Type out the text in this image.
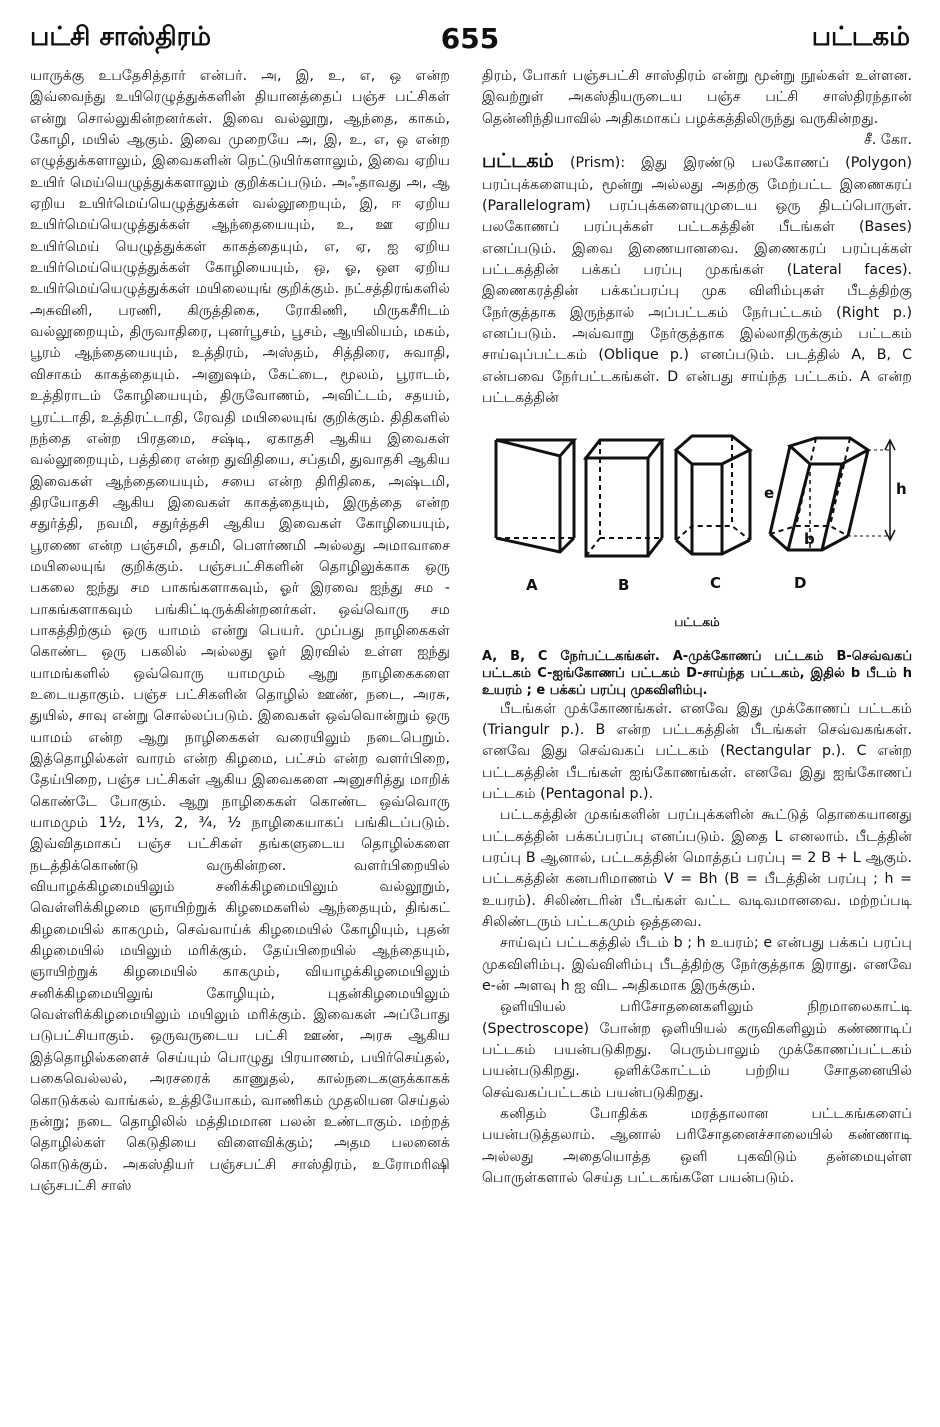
பட்சி சாஸ்திரம்	655	பட்டகம்

யாருக்கு உபதேசித்தார் என்பர். அ, இ, உ, எ, ஒ என்ற இவ்வைந்து உயிரெழுத்துக்களின் தியானத்தைப் பஞ்ச பட்சிகள் என்று சொல்லுகின்றனர்கள். இவை வல்லூறு, ஆந்தை, காகம், கோழி, மயில் ஆகும். இவை முறையே அ, இ, உ, எ, ஒ என்ற எழுத்துக்களாலும், இவைகளின் நெட்டுயிர்களாலும், இவை ஏறிய உயிர் மெய்யெழுத்துக்களாலும் குறிக்கப்படும். அஃதாவது அ, ஆ ஏறிய உயிர்மெய்யெழுத்துக்கள் வல்லூறையும், இ, ஈ ஏறிய உயிர்மெய்யெழுத்துக்கள் ஆந்தையையும், உ, ஊ ஏறிய உயிர்மெய் யெழுத்துக்கள் காகத்தையும், எ, ஏ, ஐ ஏறிய உயிர்மெய்யெழுத்துக்கள் கோழியையும், ஒ, ஓ, ஔ ஏறிய உயிர்மெய்யெழுத்துக்கள் மயிலையுங் குறிக்கும். நட்சத்திரங்களில் அசுவினி, பரணி, கிருத்திகை, ரோகிணி, மிருகசீரிடம் வல்லூறையும், திருவாதிரை, புனர்பூசம், பூசம், ஆயிலியம், மகம், பூரம் ஆந்தையையும், உத்திரம், அஸ்தம், சித்திரை, சுவாதி, விசாகம் காகத்தையும். அனுஷம், கேட்டை, மூலம், பூராடம், உத்திராடம் கோழியையும், திருவோணம், அவிட்டம், சதயம், பூரட்டாதி, உத்திரட்டாதி, ரேவதி மயிலையுங் குறிக்கும். திதிகளில் நந்தை என்ற பிரதமை, சஷ்டி, ஏகாதசி ஆகிய இவைகள் வல்லூறையும், பத்திரை என்ற துவிதியை, சப்தமி, துவாதசி ஆகிய இவைகள் ஆந்தையையும், சயை என்ற திரிதிகை, அஷ்டமி, திரயோதசி ஆகிய இவைகள் காகத்தையும், இருத்தை என்ற சதுர்த்தி, நவமி, சதுர்த்தசி ஆகிய இவைகள் கோழியையும், பூரணை என்ற பஞ்சமி, தசமி, பௌர்ணமி அல்லது அமாவாசை மயிலையுங் குறிக்கும். பஞ்சபட்சிகளின் தொழிலுக்காக ஒரு பகலை ஐந்து சம பாகங்களாகவும், ஓர் இரவை ஐந்து சம - பாகங்களாகவும் பங்கிட்டிருக்கின்றனர்கள். ஒவ்வொரு சம பாகத்திற்கும் ஒரு யாமம் என்று பெயர். முப்பது நாழிகைகள் கொண்ட ஒரு பகலில் அல்லது ஓர் இரவில் உள்ள ஐந்து யாமங்களில் ஒவ்வொரு யாமமும் ஆறு நாழிகைகளை உடையதாகும். பஞ்ச பட்சிகளின் தொழில் ஊண், நடை, அரசு, துயில், சாவு என்று சொல்லப்படும். இவைகள் ஒவ்வொன்றும் ஒரு யாமம் என்ற ஆறு நாழிகைகள் வரையிலும் நடைபெறும். இத்தொழில்கள் வாரம் என்ற கிழமை, பட்சம் என்ற வளர்பிறை, தேய்பிறை, பஞ்ச பட்சிகள் ஆகிய இவைகளை அனுசரித்து மாறிக் கொண்டே போகும். ஆறு நாழிகைகள் கொண்ட ஒவ்வொரு யாமமும் 1½, 1⅓, 2, ¾, ½ நாழிகையாகப் பங்கிடப்படும். இவ்விதமாகப் பஞ்ச பட்சிகள் தங்களுடைய தொழில்களை நடத்திக்கொண்டு வருகின்றன. வளர்பிறையில் வியாழக்கிழமையிலும் சனிக்கிழமையிலும் வல்லூறும், வெள்ளிக்கிழமை ஞாயிற்றுக் கிழமைகளில் ஆந்தையும், திங்கட் கிழமையில் காகமும், செவ்வாய்க் கிழமையில் கோழியும், புதன் கிழமையில் மயிலும் மரிக்கும். தேய்பிறையில் ஆந்தையும், ஞாயிற்றுக் கிழமையில் காகமும், வியாழக்கிழமையிலும் சனிக்கிழமையிலுங் கோழியும், புதன்கிழமையிலும் வெள்ளிக்கிழமையிலும் மயிலும் மரிக்கும். இவைகள் அப்போது படுபட்சியாகும். ஒருவருடைய பட்சி ஊண், அரசு ஆகிய இத்தொழில்களைச் செய்யும் பொழுது பிரயாணம், பயிர்செய்தல், பகைவெல்லல், அரசரைக் காணுதல், கால்நடைகளுக்காகக் கொடுக்கல் வாங்கல், உத்தியோகம், வாணிகம் முதலியன செய்தல் நன்று; நடை தொழிலில் மத்திமமான பலன் உண்டாகும். மற்றத் தொழில்கள் கெடுதியை விளைவிக்கும்; அதம பலனைக் கொடுக்கும். அகஸ்தியர் பஞ்சபட்சி சாஸ்திரம், உரோமரிஷி பஞ்சபட்சி சாஸ்

திரம், போகர் பஞ்சபட்சி சாஸ்திரம் என்று மூன்று நூல்கள் உள்ளன. இவற்றுள் அகஸ்தியருடைய பஞ்ச பட்சி சாஸ்திரந்தான் தென்னிந்தியாவில் அதிகமாகப் பழக்கத்திலிருந்து வருகின்றது.

சீ. கோ.

பட்டகம் (Prism): இது இரண்டு பலகோணப் (Polygon) பரப்புக்களையும், மூன்று அல்லது அதற்கு மேற்பட்ட இணைகரப் (Parallelogram) பரப்புக்களையுமுடைய ஒரு திடப்பொருள். பலகோணப் பரப்புக்கள் பட்டகத்தின் பீடங்கள் (Bases) எனப்படும். இவை இணையானவை. இணைகரப் பரப்புக்கள் பட்டகத்தின் பக்கப் பரப்பு முகங்கள் (Lateral faces). இணைகரத்தின் பக்கப்பரப்பு முக விளிம்புகள் பீடத்திற்கு நேர்குத்தாக இருந்தால் அப்பட்டகம் நேர்பட்டகம் (Right p.) எனப்படும். அவ்வாறு நேர்குத்தாக இல்லாதிருக்கும் பட்டகம் சாய்வுப்பட்டகம் (Oblique p.) எனப்படும். படத்தில் A, B, C என்பவை நேர்பட்டகங்கள். D என்பது சாய்ந்த பட்டகம். A என்ற பட்டகத்தின்

A	B	C	D
e	h
b
பட்டகம்

A, B, C நேர்பட்டகங்கள். A-முக்கோணப் பட்டகம் B-செவ்வகப் பட்டகம் C-ஐங்கோணப் பட்டகம் D-சாய்ந்த பட்டகம், இதில் b பீடம் h உயரம் ; e பக்கப் பரப்பு முகவிளிம்பு.

பீடங்கள் முக்கோணங்கள். எனவே இது முக்கோணப் பட்டகம் (Triangulr p.). B என்ற பட்டகத்தின் பீடங்கள் செவ்வகங்கள். எனவே இது செவ்வகப் பட்டகம் (Rectangular p.). C என்ற பட்டகத்தின் பீடங்கள் ஐங்கோணங்கள். எனவே இது ஐங்கோணப் பட்டகம் (Pentagonal p.).

பட்டகத்தின் முகங்களின் பரப்புக்களின் கூட்டுத் தொகையானது பட்டகத்தின் பக்கப்பரப்பு எனப்படும். இதை L எனலாம். பீடத்தின் பரப்பு B ஆனால், பட்டகத்தின் மொத்தப் பரப்பு = 2 B + L ஆகும். பட்டகத்தின் கனபரிமாணம் V = Bh (B = பீடத்தின் பரப்பு ; h = உயரம்). சிலிண்டரின் பீடங்கள் வட்ட வடிவமானவை. மற்றப்படி சிலிண்டரும் பட்டகமும் ஒத்தவை.

சாய்வுப் பட்டகத்தில் பீடம் b ; h உயரம்; e என்பது பக்கப் பரப்பு முகவிளிம்பு. இவ்விளிம்பு பீடத்திற்கு நேர்குத்தாக இராது. எனவே e-ன் அளவு h ஐ விட அதிகமாக இருக்கும்.

ஒளியியல் பரிசோதனைகளிலும் நிறமாலைகாட்டி (Spectroscope) போன்ற ஒளியியல் கருவிகளிலும் கண்ணாடிப் பட்டகம் பயன்படுகிறது. பெரும்பாலும் முக்கோணப்பட்டகம் பயன்படுகிறது. ஒளிக்கோட்டம் பற்றிய சோதனையில் செவ்வகப்பட்டகம் பயன்படுகிறது.

கனிதம் போதிக்க மரத்தாலான பட்டகங்களைப் பயன்படுத்தலாம். ஆனால் பரிசோதனைச்சாலையில் கண்ணாடி அல்லது அதையொத்த ஒளி புகவிடும் தன்மையுள்ள பொருள்களால் செய்த பட்டகங்களே பயன்படும்.
